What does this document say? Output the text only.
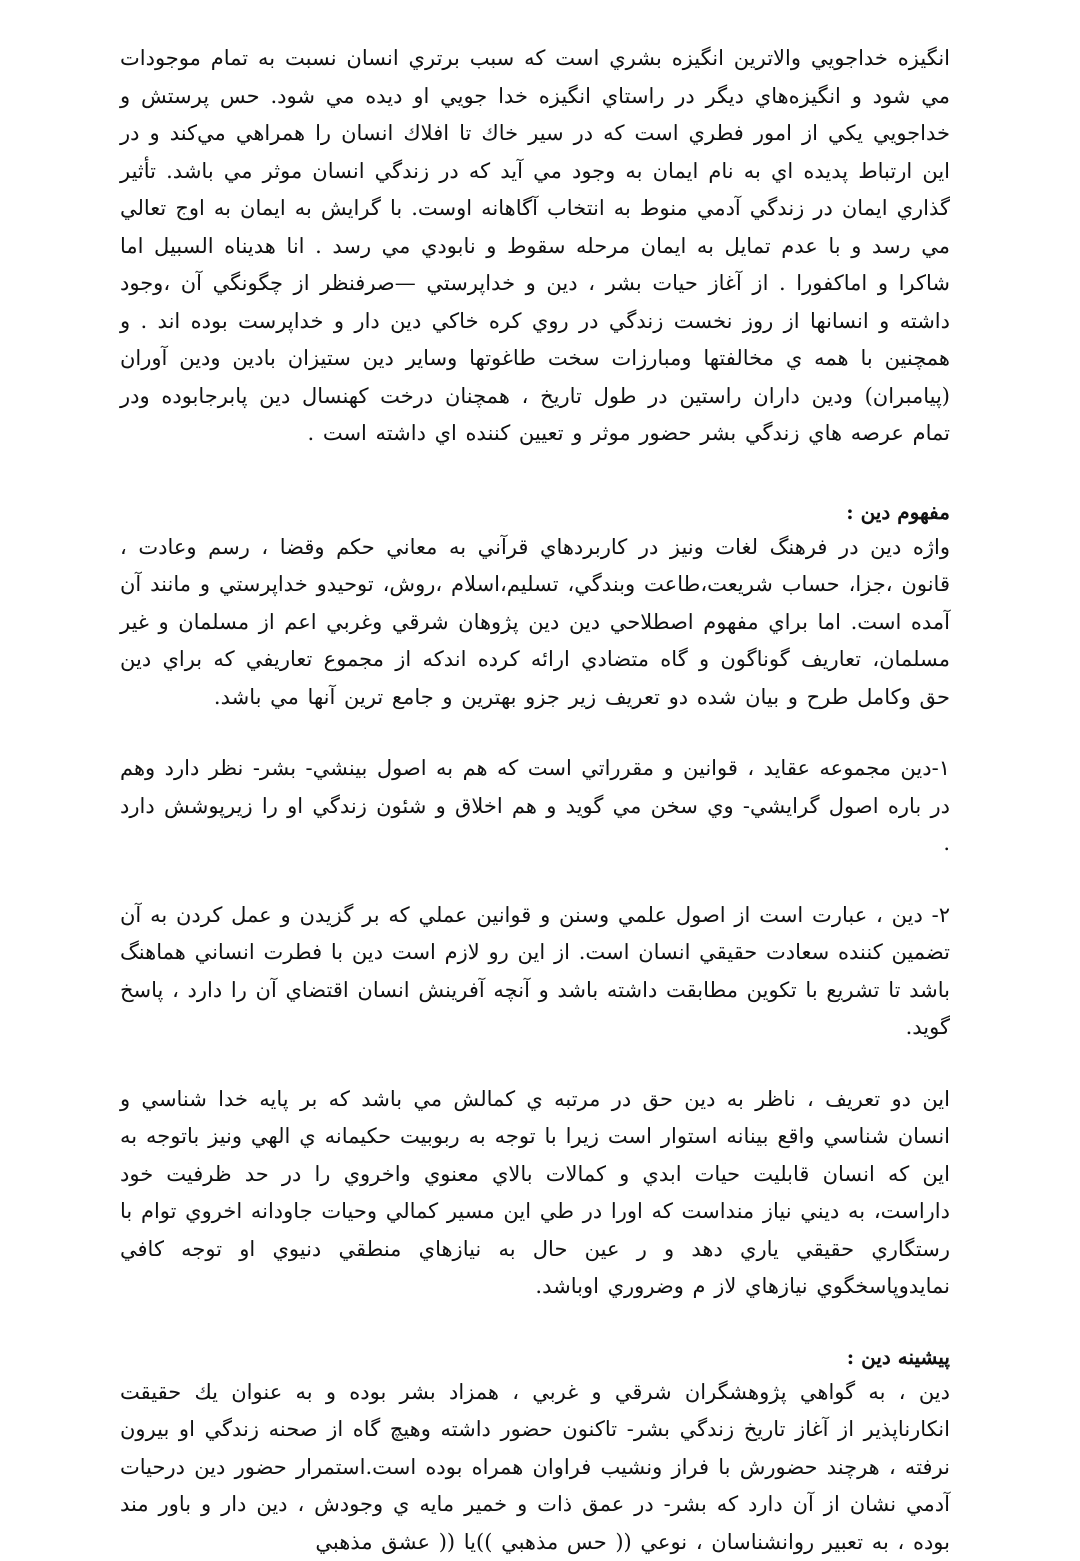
انگیزه خداجويي والاترين انگيزه بشري است كه سبب برتري انسان نسبت به تمام موجودات مي شود و انگيزه‌هاي ديگر در راستاي انگيزه خدا جويي او ديده مي شود. حس پرستش و خداجويي يكي از امور فطري است كه در سير خاك تا افلاك انسان را همراهي مي‌كند و در اين ارتباط پديده اي به نام ايمان به وجود مي آيد كه در زندگي انسان موثر مي باشد. تأثير گذاري ايمان در زندگي آدمي منوط به انتخاب آگاهانه اوست. با گرايش به ايمان به اوج تعالي مي رسد و با عدم تمايل به ايمان مرحله سقوط و نابودي مي رسد . انا هديناه السبيل اما شاكرا و اماكفورا . از آغاز حيات بشر ، دين و خداپرستي —صرفنظر از چگونگي آن ،وجود داشته و انسانها از روز نخست زندگي در روي كره خاكي دين دار و خداپرست بوده اند . و همچنين با همه ي مخالفتها ومبارزات سخت طاغوتها وساير دين ستيزان بادين ودين آوران (پيامبران) ودين داران راستين در طول تاريخ ، همچنان درخت كهنسال دين پابرجابوده ودر تمام عرصه هاي زندگي بشر حضور موثر و تعيين كننده اي داشته است .

مفهوم دين :

واژه دين در فرهنگ لغات ونيز در كاربردهاي قرآني به معاني حكم وقضا ، رسم وعادت ، قانون ،جزا، حساب شريعت،طاعت وبندگي، تسليم،اسلام ،روش، توحيدو خداپرستي و مانند آن آمده است. اما براي مفهوم اصطلاحي دين دين پژوهان شرقي وغربي اعم از مسلمان و غير مسلمان، تعاريف گوناگون و گاه متضادي ارائه كرده اندكه از مجموع تعاريفي كه براي دين حق وكامل طرح و بيان شده دو تعريف زير جزو بهترين و جامع ترين آنها مي باشد.

۱-دين مجموعه عقايد ، قوانين و مقرراتي است كه هم به اصول بينشي- بشر- نظر دارد وهم در باره اصول گرايشي- وي سخن مي گويد و هم اخلاق و شئون زندگي او را زيرپوشش دارد .

۲- دين ، عبارت است از اصول علمي وسنن و قوانين عملي كه بر گزيدن و عمل كردن به آن تضمين كننده سعادت حقيقي انسان است. از اين رو لازم است دين با فطرت انساني هماهنگ باشد تا تشريع با تكوين مطابقت داشته باشد و آنچه آفرينش انسان اقتضاي آن را دارد ، پاسخ گويد.

اين دو تعريف ، ناظر به دين حق در مرتبه ي كمالش مي باشد كه بر پايه خدا شناسي و انسان شناسي واقع بينانه استوار است زيرا با توجه به ربوبيت حكيمانه ي الهي ونيز باتوجه به اين كه انسان قابليت حيات ابدي و كمالات بالاي معنوي واخروي را در حد ظرفيت خود داراست، به ديني نياز منداست كه اورا در طي اين مسير كمالي وحيات جاودانه اخروي توام با رستگاري حقيقي ياري دهد و ر عين حال به نيازهاي منطقي دنيوي او توجه كافي نمايدوپاسخگوي نيازهاي لاز م وضروري اوباشد.

پیشینه دين :

دين ، به گواهي پژوهشگران شرقي و غربي ، همزاد بشر بوده و به عنوان يك حقيقت انكارناپذير از آغاز تاريخ زندگي بشر- تاكنون حضور داشته وهيچ گاه از صحنه زندگي او بيرون نرفته ، هرچند حضورش با فراز ونشيب فراوان همراه بوده است.استمرار حضور دين درحيات آدمي نشان از آن دارد كه بشر- در عمق ذات و خمير مايه ي وجودش ، دين دار و باور مند بوده ، به تعبير روانشناسان ، نوعي (( حس مذهبي ))يا (( عشق مذهبي
